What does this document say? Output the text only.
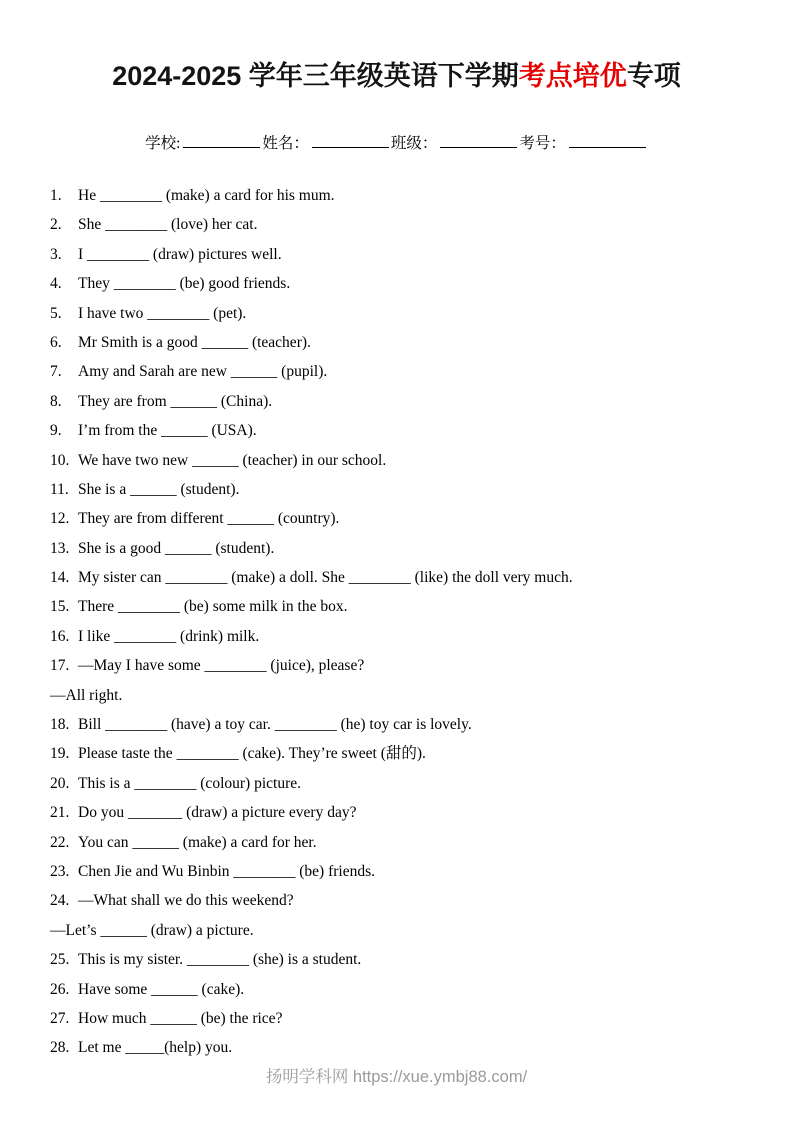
2024-2025 学年三年级英语下学期考点培优专项
学校:	姓名：	班级：	考号：
1. He ________ (make) a card for his mum.
2. She ________ (love) her cat.
3. I ________ (draw) pictures well.
4. They ________ (be) good friends.
5. I have two ________ (pet).
6. Mr Smith is a good ______ (teacher).
7. Amy and Sarah are new ______ (pupil).
8. They are from ______ (China).
9. I’m from the ______ (USA).
10. We have two new ______ (teacher) in our school.
11. She is a ______ (student).
12. They are from different ______ (country).
13. She is a good ______ (student).
14. My sister can ________ (make) a doll. She ________ (like) the doll very much.
15. There ________ (be) some milk in the box.
16. I like ________ (drink) milk.
17. —May I have some ________ (juice), please?
—All right.
18. Bill ________ (have) a toy car. ________ (he) toy car is lovely.
19. Please taste the ________ (cake). They’re sweet (甜的).
20. This is a ________ (colour) picture.
21. Do you _______ (draw) a picture every day?
22. You can ______ (make) a card for her.
23. Chen Jie and Wu Binbin ________ (be) friends.
24. —What shall we do this weekend?
—Let’s ______ (draw) a picture.
25. This is my sister. ________ (she) is a student.
26. Have some ______ (cake).
27. How much ______ (be) the rice?
28. Let me _____(help) you.
扬明学科网 https://xue.ymbj88.com/
